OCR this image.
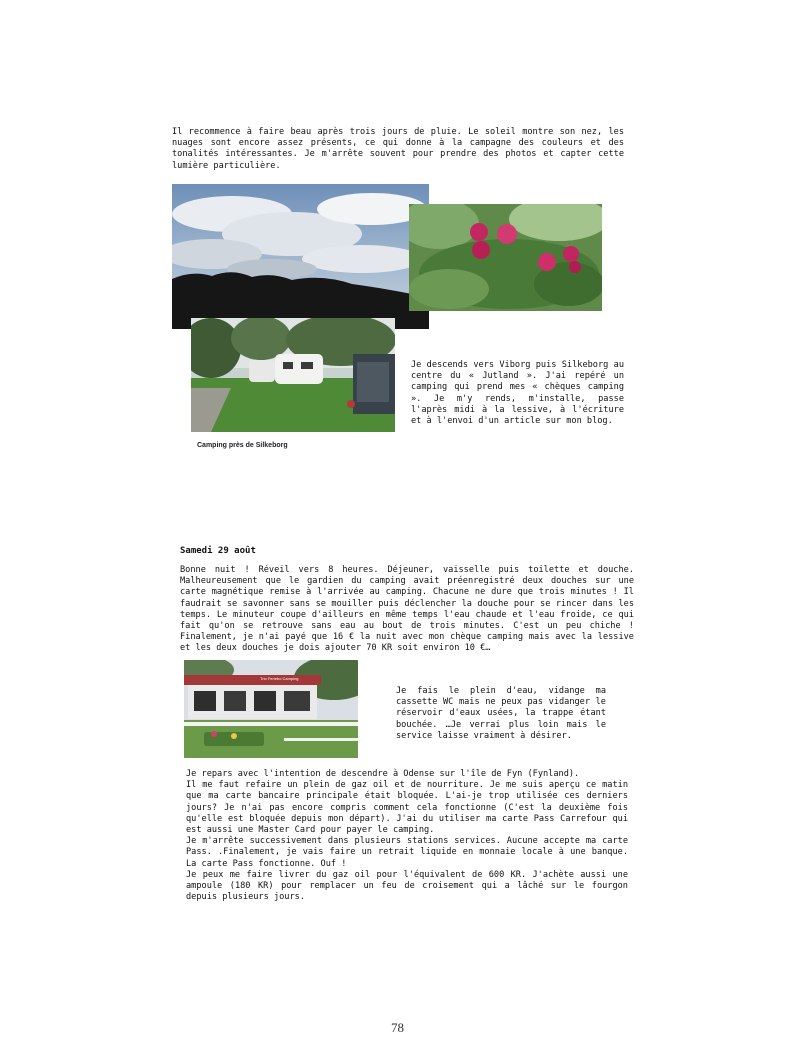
Il recommence à faire beau après trois jours de pluie. Le soleil montre son nez, les nuages sont encore assez présents, ce qui donne à la campagne des couleurs et des tonalités intéressantes. Je m'arrête souvent pour prendre des photos et capter cette lumière particulière.

Camping près de Silkeborg

Je descends vers Viborg puis Silkeborg au centre du « Jutland ». J'ai repéré un camping qui prend mes « chèques camping ». Je m'y rends, m'installe, passe l'après midi à la lessive, à l'écriture et à l'envoi d'un article sur mon blog.

Samedi 29 août

Bonne nuit ! Réveil vers 8 heures. Déjeuner, vaisselle puis toilette et douche. Malheureusement que le gardien du camping avait préenregistré deux douches sur une carte magnétique remise à l'arrivée au camping. Chacune ne dure que trois minutes ! Il faudrait se savonner sans se mouiller puis déclencher la douche pour se rincer dans les temps. Le minuteur coupe d'ailleurs en même temps l'eau chaude et l'eau froide, ce qui fait qu'on se retrouve sans eau au bout de trois minutes. C'est un peu chiche ! Finalement, je n'ai payé que 16 € la nuit avec mon chèque camping mais avec la lessive et les deux douches je dois ajouter 70 KR soit environ 10 €…

Trio Feriebo Camping

Je fais le plein d'eau, vidange ma cassette WC mais ne peux pas vidanger le réservoir d'eaux usées, la trappe étant bouchée. …Je verrai plus loin mais le service laisse vraiment à désirer.

Je repars avec l'intention de descendre à Odense sur l'île de Fyn (Fynland).

Il me faut refaire un plein de gaz oil et de nourriture. Je me suis aperçu ce matin que ma carte bancaire principale était bloquée. L'ai-je trop utilisée ces derniers jours? Je n'ai pas encore compris comment cela fonctionne (C'est la deuxième fois qu'elle est bloquée depuis mon départ). J'ai du utiliser ma carte Pass Carrefour qui est aussi une Master Card pour payer le camping.

Je m'arrête successivement dans plusieurs stations services. Aucune accepte ma carte Pass. .Finalement, je vais faire un retrait liquide en monnaie locale à une banque. La carte Pass fonctionne. Ouf !

Je peux me faire livrer du gaz oil pour l'équivalent de 600 KR. J'achète aussi une ampoule (180 KR) pour remplacer un feu de croisement qui a lâché sur le fourgon depuis plusieurs jours.

78
